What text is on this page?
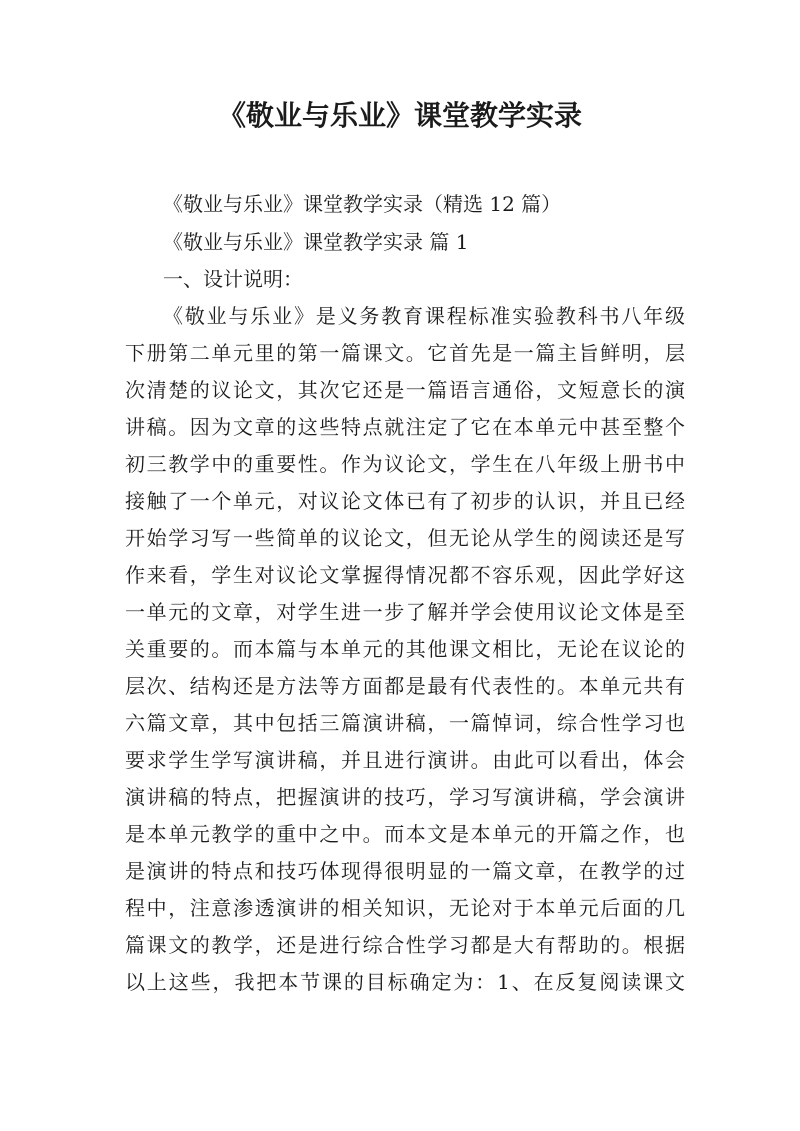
《敬业与乐业》课堂教学实录
《敬业与乐业》课堂教学实录（精选 12 篇）
《敬业与乐业》课堂教学实录 篇 1
一、设计说明：
《敬业与乐业》是义务教育课程标准实验教科书八年级
下册第二单元里的第一篇课文。它首先是一篇主旨鲜明，层
次清楚的议论文，其次它还是一篇语言通俗，文短意长的演
讲稿。因为文章的这些特点就注定了它在本单元中甚至整个
初三教学中的重要性。作为议论文，学生在八年级上册书中
接触了一个单元，对议论文体已有了初步的认识，并且已经
开始学习写一些简单的议论文，但无论从学生的阅读还是写
作来看，学生对议论文掌握得情况都不容乐观，因此学好这
一单元的文章，对学生进一步了解并学会使用议论文体是至
关重要的。而本篇与本单元的其他课文相比，无论在议论的
层次、结构还是方法等方面都是最有代表性的。本单元共有
六篇文章，其中包括三篇演讲稿，一篇悼词，综合性学习也
要求学生学写演讲稿，并且进行演讲。由此可以看出，体会
演讲稿的特点，把握演讲的技巧，学习写演讲稿，学会演讲
是本单元教学的重中之中。而本文是本单元的开篇之作，也
是演讲的特点和技巧体现得很明显的一篇文章，在教学的过
程中，注意渗透演讲的相关知识，无论对于本单元后面的几
篇课文的教学，还是进行综合性学习都是大有帮助的。根据
以上这些，我把本节课的目标确定为：1、在反复阅读课文
